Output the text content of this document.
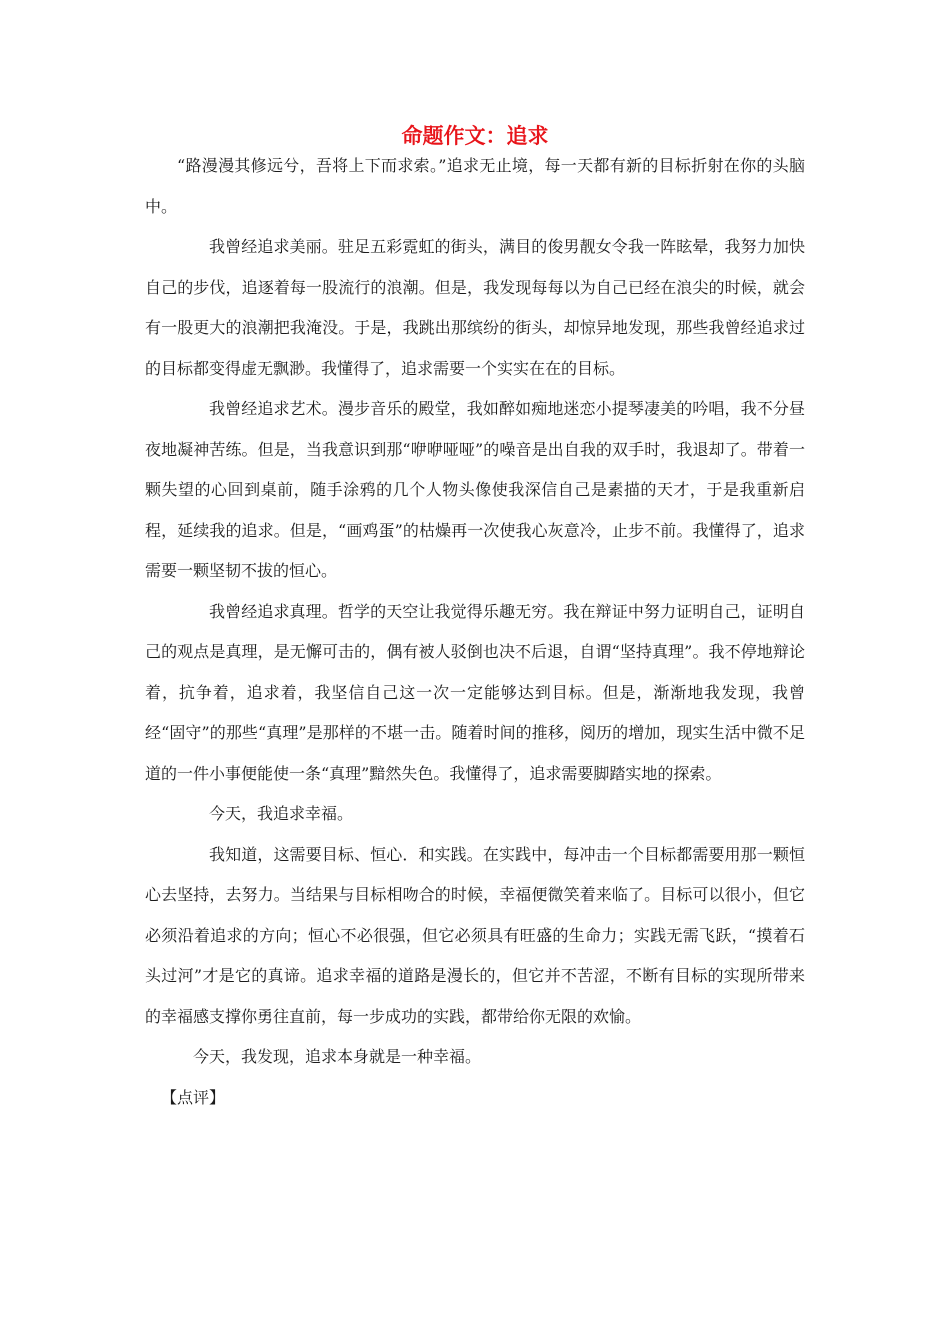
命题作文：追求

“路漫漫其修远兮，吾将上下而求索。”追求无止境，每一天都有新的目标折射在你的头脑中。

我曾经追求美丽。驻足五彩霓虹的街头，满目的俊男靓女令我一阵眩晕，我努力加快自己的步伐，追逐着每一股流行的浪潮。但是，我发现每每以为自己已经在浪尖的时候，就会有一股更大的浪潮把我淹没。于是，我跳出那缤纷的街头，却惊异地发现，那些我曾经追求过的目标都变得虚无飘渺。我懂得了，追求需要一个实实在在的目标。

我曾经追求艺术。漫步音乐的殿堂，我如醉如痴地迷恋小提琴凄美的吟唱，我不分昼夜地凝神苦练。但是，当我意识到那“咿咿哑哑”的噪音是出自我的双手时，我退却了。带着一颗失望的心回到桌前，随手涂鸦的几个人物头像使我深信自己是素描的天才，于是我重新启程，延续我的追求。但是，“画鸡蛋”的枯燥再一次使我心灰意冷，止步不前。我懂得了，追求需要一颗坚韧不拔的恒心。

我曾经追求真理。哲学的天空让我觉得乐趣无穷。我在辩证中努力证明自己，证明自己的观点是真理，是无懈可击的，偶有被人驳倒也决不后退，自谓“坚持真理”。我不停地辩论着，抗争着，追求着，我坚信自己这一次一定能够达到目标。但是，渐渐地我发现，我曾经“固守”的那些“真理”是那样的不堪一击。随着时间的推移，阅历的增加，现实生活中微不足道的一件小事便能使一条“真理”黯然失色。我懂得了，追求需要脚踏实地的探索。

今天，我追求幸福。

我知道，这需要目标、恒心．和实践。在实践中，每冲击一个目标都需要用那一颗恒心去坚持，去努力。当结果与目标相吻合的时候，幸福便微笑着来临了。目标可以很小，但它必须沿着追求的方向；恒心不必很强，但它必须具有旺盛的生命力；实践无需飞跃，“摸着石头过河”才是它的真谛。追求幸福的道路是漫长的，但它并不苦涩，不断有目标的实现所带来的幸福感支撑你勇往直前，每一步成功的实践，都带给你无限的欢愉。

今天，我发现，追求本身就是一种幸福。

【点评】
